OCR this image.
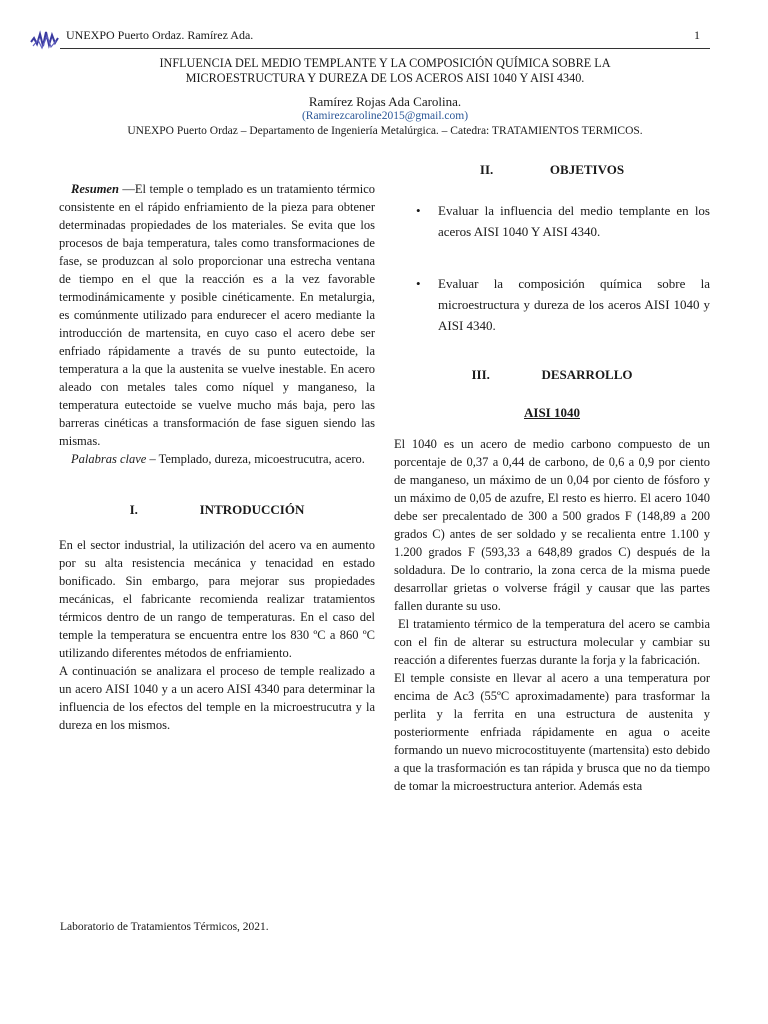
UNEXPO Puerto Ordaz. Ramírez Ada.	1
INFLUENCIA DEL MEDIO TEMPLANTE Y LA COMPOSICIÓN QUÍMICA SOBRE LA
MICROESTRUCTURA Y DUREZA DE LOS ACEROS AISI 1040 Y AISI 4340.
Ramírez Rojas Ada Carolina.
(Ramirezcaroline2015@gmail.com)
UNEXPO Puerto Ordaz – Departamento de Ingeniería Metalúrgica. – Catedra: TRATAMIENTOS TERMICOS.

Resumen —El temple o templado es un tratamiento térmico consistente en el rápido enfriamiento de la pieza para obtener determinadas propiedades de los materiales. Se evita que los procesos de baja temperatura, tales como transformaciones de fase, se produzcan al solo proporcionar una estrecha ventana de tiempo en el que la reacción es a la vez favorable termodinámicamente y posible cinéticamente. En metalurgia, es comúnmente utilizado para endurecer el acero mediante la introducción de martensita, en cuyo caso el acero debe ser enfriado rápidamente a través de su punto eutectoide, la temperatura a la que la austenita se vuelve inestable. En acero aleado con metales tales como níquel y manganeso, la temperatura eutectoide se vuelve mucho más baja, pero las barreras cinéticas a transformación de fase siguen siendo las mismas.

Palabras clave – Templado, dureza, micoestrucutra, acero.

I.	INTRODUCCIÓN

En el sector industrial, la utilización del acero va en aumento por su alta resistencia mecánica y tenacidad en estado bonificado. Sin embargo, para mejorar sus propiedades mecánicas, el fabricante recomienda realizar tratamientos térmicos dentro de un rango de temperaturas. En el caso del temple la temperatura se encuentra entre los 830 ºC a 860 ºC utilizando diferentes métodos de enfriamiento.

A continuación se analizara el proceso de temple realizado a un acero AISI 1040 y a un acero AISI 4340 para determinar la influencia de los efectos del temple en la microestrucutra y la dureza en los mismos.

II.	OBJETIVOS
• Evaluar la influencia del medio templante en los aceros AISI 1040 Y AISI 4340.
• Evaluar la composición química sobre la microestructura y dureza de los aceros AISI 1040 y AISI 4340.
III.	DESARROLLO
AISI 1040

El 1040 es un acero de medio carbono compuesto de un porcentaje de 0,37 a 0,44 de carbono, de 0,6 a 0,9 por ciento de manganeso, un máximo de un 0,04 por ciento de fósforo y un máximo de 0,05 de azufre, El resto es hierro. El acero 1040 debe ser precalentado de 300 a 500 grados F (148,89 a 200 grados C) antes de ser soldado y se recalienta entre 1.100 y 1.200 grados F (593,33 a 648,89 grados C) después de la soldadura. De lo contrario, la zona cerca de la misma puede desarrollar grietas o volverse frágil y causar que las partes fallen durante su uso.

El tratamiento térmico de la temperatura del acero se cambia con el fin de alterar su estructura molecular y cambiar su reacción a diferentes fuerzas durante la forja y la fabricación.

El temple consiste en llevar al acero a una temperatura por encima de Ac3 (55ºC aproximadamente) para trasformar la perlita y la ferrita en una estructura de austenita y posteriormente enfriada rápidamente en agua o aceite formando un nuevo microcostituyente (martensita) esto debido a que la trasformación es tan rápida y brusca que no da tiempo de tomar la microestructura anterior. Además esta

Laboratorio de Tratamientos Térmicos, 2021.
